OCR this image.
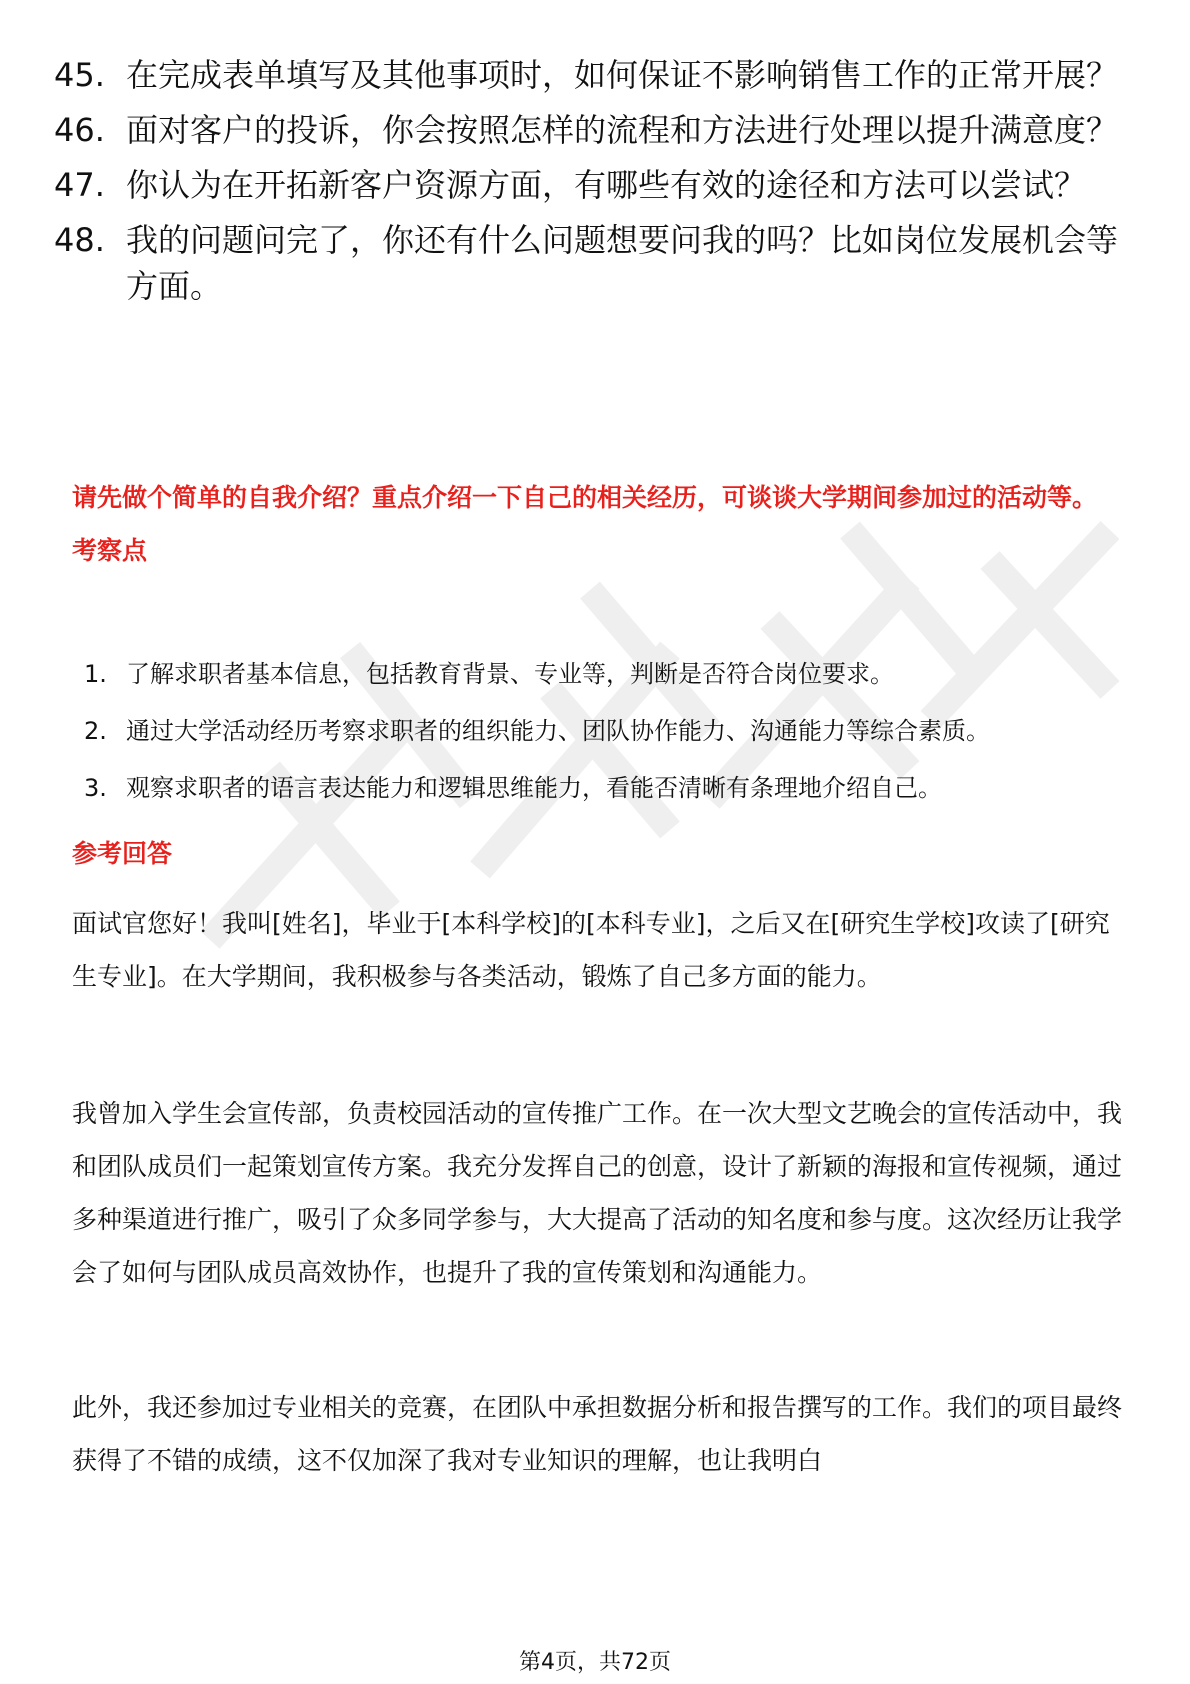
45. 在完成表单填写及其他事项时，如何保证不影响销售工作的正常开展？
46. 面对客户的投诉，你会按照怎样的流程和方法进行处理以提升满意度？
47. 你认为在开拓新客户资源方面，有哪些有效的途径和方法可以尝试？
48. 我的问题问完了，你还有什么问题想要问我的吗？比如岗位发展机会等方面。
请先做个简单的自我介绍？重点介绍一下自己的相关经历，可谈谈大学期间参加过的活动等。
考察点
1. 了解求职者基本信息，包括教育背景、专业等，判断是否符合岗位要求。
2. 通过大学活动经历考察求职者的组织能力、团队协作能力、沟通能力等综合素质。
3. 观察求职者的语言表达能力和逻辑思维能力，看能否清晰有条理地介绍自己。
参考回答
面试官您好！我叫[姓名]，毕业于[本科学校]的[本科专业]，之后又在[研究生学校]攻读了[研究生专业]。在大学期间，我积极参与各类活动，锻炼了自己多方面的能力。
我曾加入学生会宣传部，负责校园活动的宣传推广工作。在一次大型文艺晚会的宣传活动中，我和团队成员们一起策划宣传方案。我充分发挥自己的创意，设计了新颖的海报和宣传视频，通过多种渠道进行推广，吸引了众多同学参与，大大提高了活动的知名度和参与度。这次经历让我学会了如何与团队成员高效协作，也提升了我的宣传策划和沟通能力。
此外，我还参加过专业相关的竞赛，在团队中承担数据分析和报告撰写的工作。我们的项目最终获得了不错的成绩，这不仅加深了我对专业知识的理解，也让我明白
第4页，共72页
